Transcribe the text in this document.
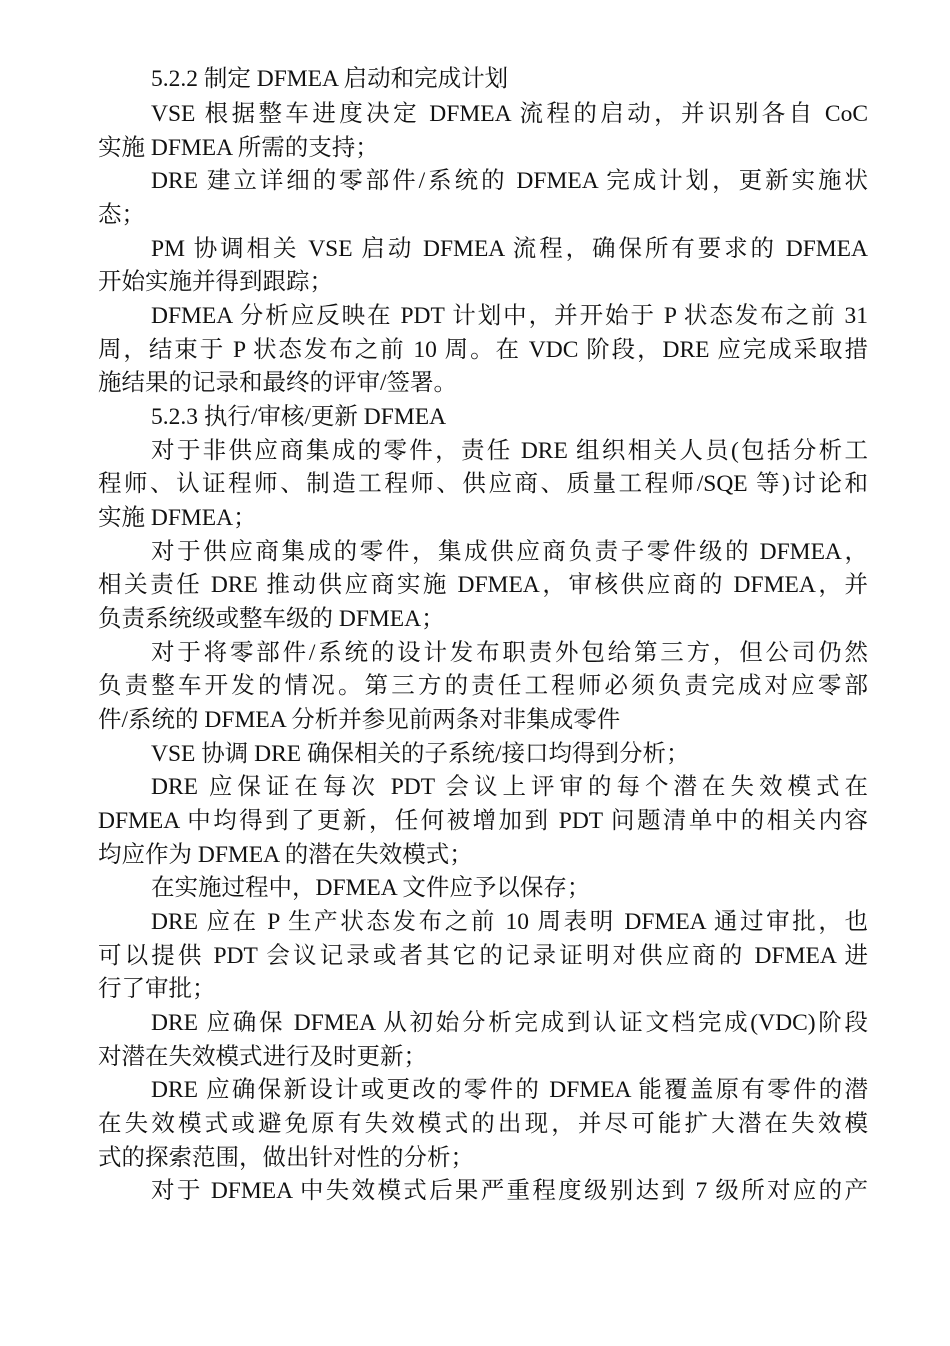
5.2.2 制定 DFMEA 启动和完成计划
VSE 根据整车进度决定 DFMEA 流程的启动，并识别各自 CoC
实施 DFMEA 所需的支持；
DRE 建立详细的零部件/系统的 DFMEA 完成计划，更新实施状
态；
PM 协调相关 VSE 启动 DFMEA 流程，确保所有要求的 DFMEA
开始实施并得到跟踪；
DFMEA 分析应反映在 PDT 计划中，并开始于 P 状态发布之前 31
周，结束于 P 状态发布之前 10 周。在 VDC 阶段，DRE 应完成采取措
施结果的记录和最终的评审/签署。
5.2.3 执行/审核/更新 DFMEA
对于非供应商集成的零件，责任 DRE 组织相关人员(包括分析工
程师、认证程师、制造工程师、供应商、质量工程师/SQE 等)讨论和
实施 DFMEA；
对于供应商集成的零件，集成供应商负责子零件级的 DFMEA，
相关责任 DRE 推动供应商实施 DFMEA，审核供应商的 DFMEA，并
负责系统级或整车级的 DFMEA；
对于将零部件/系统的设计发布职责外包给第三方，但公司仍然
负责整车开发的情况。第三方的责任工程师必须负责完成对应零部
件/系统的 DFMEA 分析并参见前两条对非集成零件
VSE 协调 DRE 确保相关的子系统/接口均得到分析；
DRE 应保证在每次 PDT 会议上评审的每个潜在失效模式在
DFMEA 中均得到了更新，任何被增加到 PDT 问题清单中的相关内容
均应作为 DFMEA 的潜在失效模式；
在实施过程中，DFMEA 文件应予以保存；
DRE 应在 P 生产状态发布之前 10 周表明 DFMEA 通过审批，也
可以提供 PDT 会议记录或者其它的记录证明对供应商的 DFMEA 进
行了审批；
DRE 应确保 DFMEA 从初始分析完成到认证文档完成(VDC)阶段
对潜在失效模式进行及时更新；
DRE 应确保新设计或更改的零件的 DFMEA 能覆盖原有零件的潜
在失效模式或避免原有失效模式的出现，并尽可能扩大潜在失效模
式的探索范围，做出针对性的分析；
对于 DFMEA 中失效模式后果严重程度级别达到 7 级所对应的产
